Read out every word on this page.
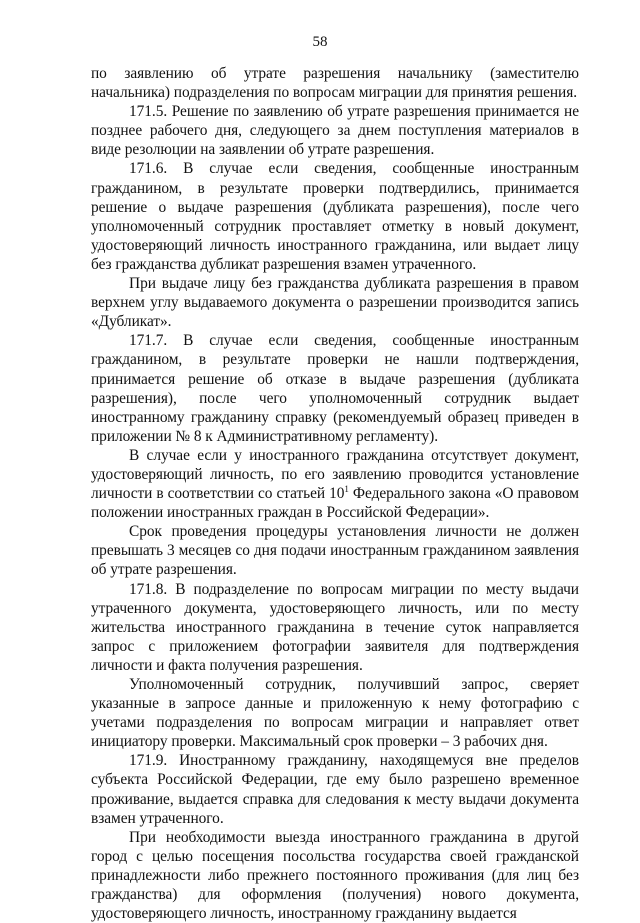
58

по заявлению об утрате разрешения начальнику (заместителю начальника) подразделения по вопросам миграции для принятия решения.

171.5. Решение по заявлению об утрате разрешения принимается не позднее рабочего дня, следующего за днем поступления материалов в виде резолюции на заявлении об утрате разрешения.

171.6. В случае если сведения, сообщенные иностранным гражданином, в результате проверки подтвердились, принимается решение о выдаче разрешения (дубликата разрешения), после чего уполномоченный сотрудник проставляет отметку в новый документ, удостоверяющий личность иностранного гражданина, или выдает лицу без гражданства дубликат разрешения взамен утраченного.

При выдаче лицу без гражданства дубликата разрешения в правом верхнем углу выдаваемого документа о разрешении производится запись «Дубликат».

171.7. В случае если сведения, сообщенные иностранным гражданином, в результате проверки не нашли подтверждения, принимается решение об отказе в выдаче разрешения (дубликата разрешения), после чего уполномоченный сотрудник выдает иностранному гражданину справку (рекомендуемый образец приведен в приложении № 8 к Административному регламенту).

В случае если у иностранного гражданина отсутствует документ, удостоверяющий личность, по его заявлению проводится установление личности в соответствии со статьей $10^1$ Федерального закона «О правовом положении иностранных граждан в Российской Федерации».

Срок проведения процедуры установления личности не должен превышать 3 месяцев со дня подачи иностранным гражданином заявления об утрате разрешения.

171.8. В подразделение по вопросам миграции по месту выдачи утраченного документа, удостоверяющего личность, или по месту жительства иностранного гражданина в течение суток направляется запрос с приложением фотографии заявителя для подтверждения личности и факта получения разрешения.

Уполномоченный сотрудник, получивший запрос, сверяет указанные в запросе данные и приложенную к нему фотографию с учетами подразделения по вопросам миграции и направляет ответ инициатору проверки. Максимальный срок проверки – 3 рабочих дня.

171.9. Иностранному гражданину, находящемуся вне пределов субъекта Российской Федерации, где ему было разрешено временное проживание, выдается справка для следования к месту выдачи документа взамен утраченного.

При необходимости выезда иностранного гражданина в другой город с целью посещения посольства государства своей гражданской принадлежности либо прежнего постоянного проживания (для лиц без гражданства) для оформления (получения) нового документа, удостоверяющего личность, иностранному гражданину выдается
